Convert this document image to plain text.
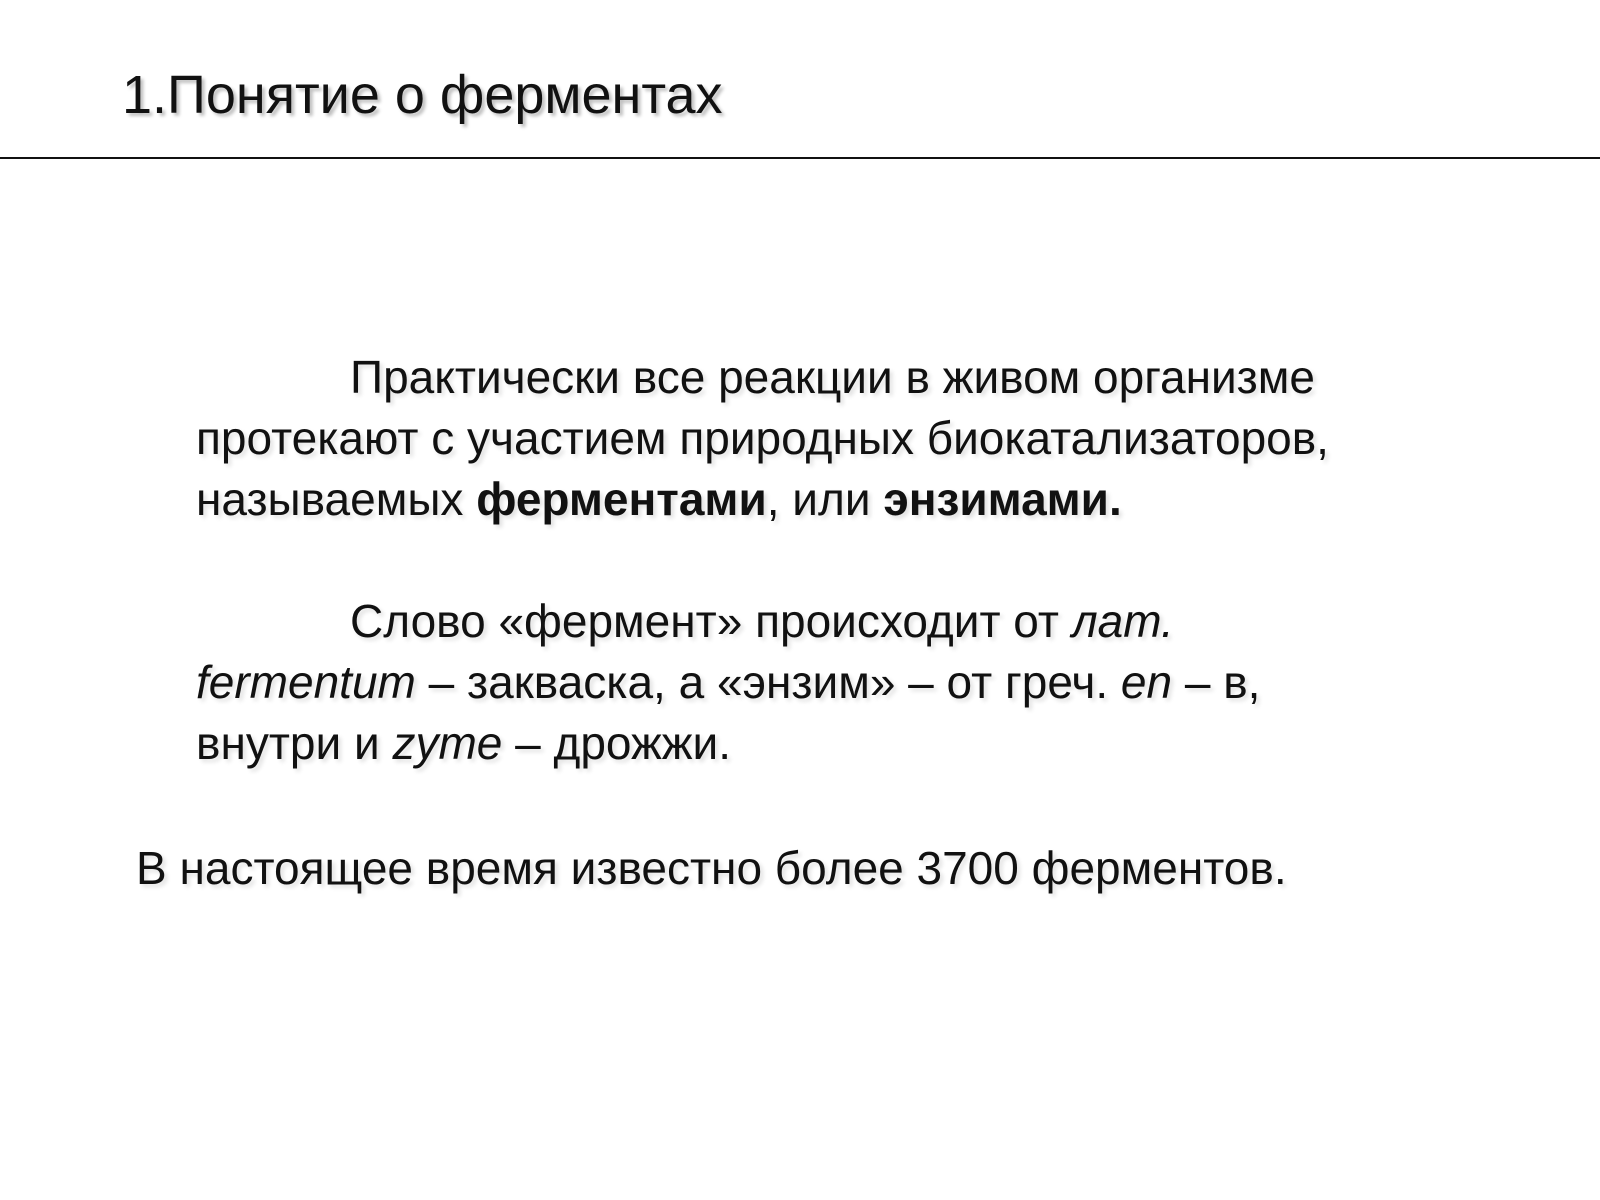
1.Понятие о ферментах

Практически все реакции в живом организме
протекают с участием природных биокатализаторов,
называемых ферментами, или энзимами.

Слово «фермент» происходит от лат.
fermentum – закваска, а «энзим» – от греч. en – в,
внутри и zyme – дрожжи.

В настоящее время известно более 3700 ферментов.
